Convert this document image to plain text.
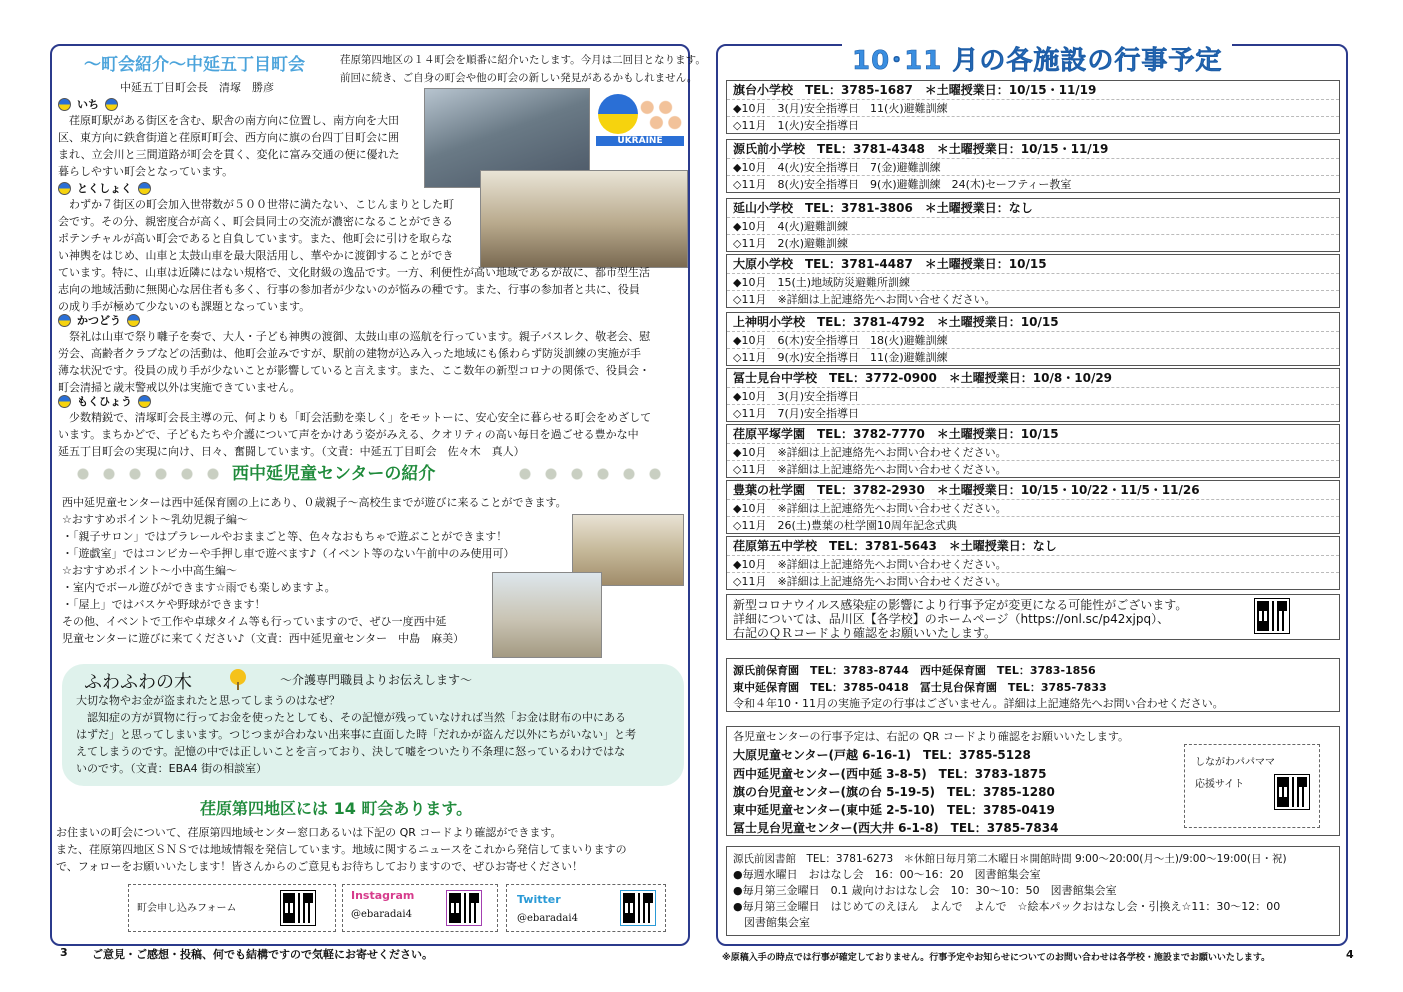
～町会紹介～中延五丁目町会	荏原第四地区の１４町会を順番に紹介いたします。今月は二回目となります。
前回に続き、ご自身の町会や他の町会の新しい発見があるかもしれません。
中延五丁目町会長　清塚　勝彦
UKRAINE
いち
　荏原町駅がある街区を含む、駅舎の南方向に位置し、南方向を大田
区、東方向に鉄倉街道と荏原町町会、西方向に旗の台四丁目町会に囲
まれ、立会川と三間道路が町会を貫く、変化に富み交通の便に優れた
暮らしやすい町会となっています。
とくしょく
　わずか７街区の町会加入世帯数が５００世帯に満たない、こじんまりとした町
会です。その分、親密度合が高く、町会員同士の交流が濃密になることができる
ポテンチャルが高い町会であると自負しています。また、他町会に引けを取らな
い神輿をはじめ、山車と太鼓山車を最大限活用し、華やかに渡御することができ
ています。特に、山車は近隣にはない規格で、文化財級の逸品です。一方、利便性が高い地域であるが故に、都市型生活
志向の地域活動に無関心な居住者も多く、行事の参加者が少ないのが悩みの種です。また、行事の参加者と共に、役員
の成り手が極めて少ないのも課題となっています。
かつどう
　祭礼は山車で祭り囃子を奏で、大人・子ども神輿の渡御、太鼓山車の巡航を行っています。親子バスレク、敬老会、慰
労会、高齢者クラブなどの活動は、他町会並みですが、駅前の建物が込み入った地域にも係わらず防災訓練の実施が手
薄な状況です。役員の成り手が少ないことが影響していると言えます。また、ここ数年の新型コロナの関係で、役員会・
町会清掃と歳末警戒以外は実施できていません。
もくひょう
　少数精鋭で、清塚町会長主導の元、何よりも「町会活動を楽しく」をモットーに、安心安全に暮らせる町会をめざして
います。まちかどで、子どもたちや介護について声をかけあう姿がみえる、クオリティの高い毎日を過ごせる豊かな中
延五丁目町会の実現に向け、日々、奮闘しています。（文責：中延五丁目町会　佐々木　真人）
西中延児童センターの紹介
西中延児童センターは西中延保育園の上にあり、０歳親子～高校生までが遊びに来ることができます。
☆おすすめポイント～乳幼児親子編～
・「親子サロン」ではプラレールやおままごと等、色々なおもちゃで遊ぶことができます！
・「遊戯室」ではコンビカーや手押し車で遊べます♪（イベント等のない午前中のみ使用可）
☆おすすめポイント～小中高生編～
・室内でボール遊びができます☆雨でも楽しめますよ。
・「屋上」ではバスケや野球ができます！
その他、イベントで工作や卓球タイム等も行っていますので、ぜひ一度西中延
児童センターに遊びに来てください♪（文責：西中延児童センター　中島　麻美）
ふわふわの木	～介護専門職員よりお伝えします～
大切な物やお金が盗まれたと思ってしまうのはなぜ？
　認知症の方が買物に行ってお金を使ったとしても、その記憶が残っていなければ当然「お金は財布の中にある
はずだ」と思ってしまいます。つじつまが合わない出来事に直面した時「だれかが盗んだ以外にちがいない」と考
えてしまうのです。記憶の中では正しいことを言っており、決して嘘をついたり不条理に怒っているわけではな
いのです。（文責：EBA4 街の相談室）
荏原第四地区には 14 町会あります。
お住まいの町会について、荏原第四地域センター窓口あるいは下記の QR コードより確認ができます。
また、荏原第四地区ＳＮＳでは地域情報を発信しています。地域に関するニュースをこれから発信してまいりますの
で、フォローをお願いいたします！皆さんからのご意見もお待ちしておりますので、ぜひお寄せください！
町会申し込みフォーム
Instagram
@ebaradai4
Twitter
@ebaradai4
3 ご意見・ご感想・投稿、何でも結構ですので気軽にお寄せください。
10･11 月の各施設の行事予定
旗台小学校　TEL：3785-1687　＊土曜授業日：10/15・11/19
◆10月　3(月)安全指導日　11(火)避難訓練
◇11月　1(火)安全指導日
源氏前小学校　TEL：3781-4348　＊土曜授業日：10/15・11/19
◆10月　4(火)安全指導日　7(金)避難訓練
◇11月　8(火)安全指導日　9(水)避難訓練　24(木)セーフティー教室
延山小学校　TEL：3781-3806　＊土曜授業日：なし
◆10月　4(火)避難訓練
◇11月　2(水)避難訓練
大原小学校　TEL：3781-4487　＊土曜授業日：10/15
◆10月　15(土)地域防災避難所訓練
◇11月　※詳細は上記連絡先へお問い合せください。
上神明小学校　TEL：3781-4792　＊土曜授業日：10/15
◆10月　6(木)安全指導日　18(火)避難訓練
◇11月　9(水)安全指導日　11(金)避難訓練
冨士見台中学校　TEL：3772-0900　＊土曜授業日：10/8・10/29
◆10月　3(月)安全指導日
◇11月　7(月)安全指導日
荏原平塚学園　TEL：3782-7770　＊土曜授業日：10/15
◆10月　※詳細は上記連絡先へお問い合わせください。
◇11月　※詳細は上記連絡先へお問い合わせください。
豊葉の杜学園　TEL：3782-2930　＊土曜授業日：10/15・10/22・11/5・11/26
◆10月　※詳細は上記連絡先へお問い合わせください。
◇11月　26(土)豊葉の杜学園10周年記念式典
荏原第五中学校　TEL：3781-5643　＊土曜授業日：なし
◆10月　※詳細は上記連絡先へお問い合わせください。
◇11月　※詳細は上記連絡先へお問い合わせください。
新型コロナウイルス感染症の影響により行事予定が変更になる可能性がございます。
詳細については、品川区【各学校】のホームページ（https://onl.sc/p42xjpq）、
右記のＱＲコードより確認をお願いいたします。
源氏前保育園　TEL：3783-8744　西中延保育園　TEL：3783-1856
東中延保育園　TEL：3785-0418　冨士見台保育園　TEL：3785-7833
令和４年10・11月の実施予定の行事はございません。詳細は上記連絡先へお問い合わせください。
各児童センターの行事予定は、右記の QR コードより確認をお願いいたします。
大原児童センター(戸越 6-16-1)　TEL：3785-5128
西中延児童センター(西中延 3-8-5)　TEL：3783-1875
旗の台児童センター(旗の台 5-19-5)　TEL：3785-1280
東中延児童センター(東中延 2-5-10)　TEL：3785-0419
冨士見台児童センター(西大井 6-1-8)　TEL：3785-7834
しながわパパママ
応援サイト
源氏前図書館　TEL：3781-6273　＊休館日毎月第二木曜日＊開館時間 9:00～20:00(月～土)/9:00～19:00(日・祝)
●毎週水曜日　おはなし会　16：00～16：20　図書館集会室
●毎月第三金曜日　0.1 歳向けおはなし会　10：30～10：50　図書館集会室
●毎月第三金曜日　はじめてのえほん　よんで　よんで　☆絵本パックおはなし会・引換え☆11：30～12：00
　図書館集会室
※原稿入手の時点では行事が確定しておりません。行事予定やお知らせについてのお問い合わせは各学校・施設までお願いいたします。	4
